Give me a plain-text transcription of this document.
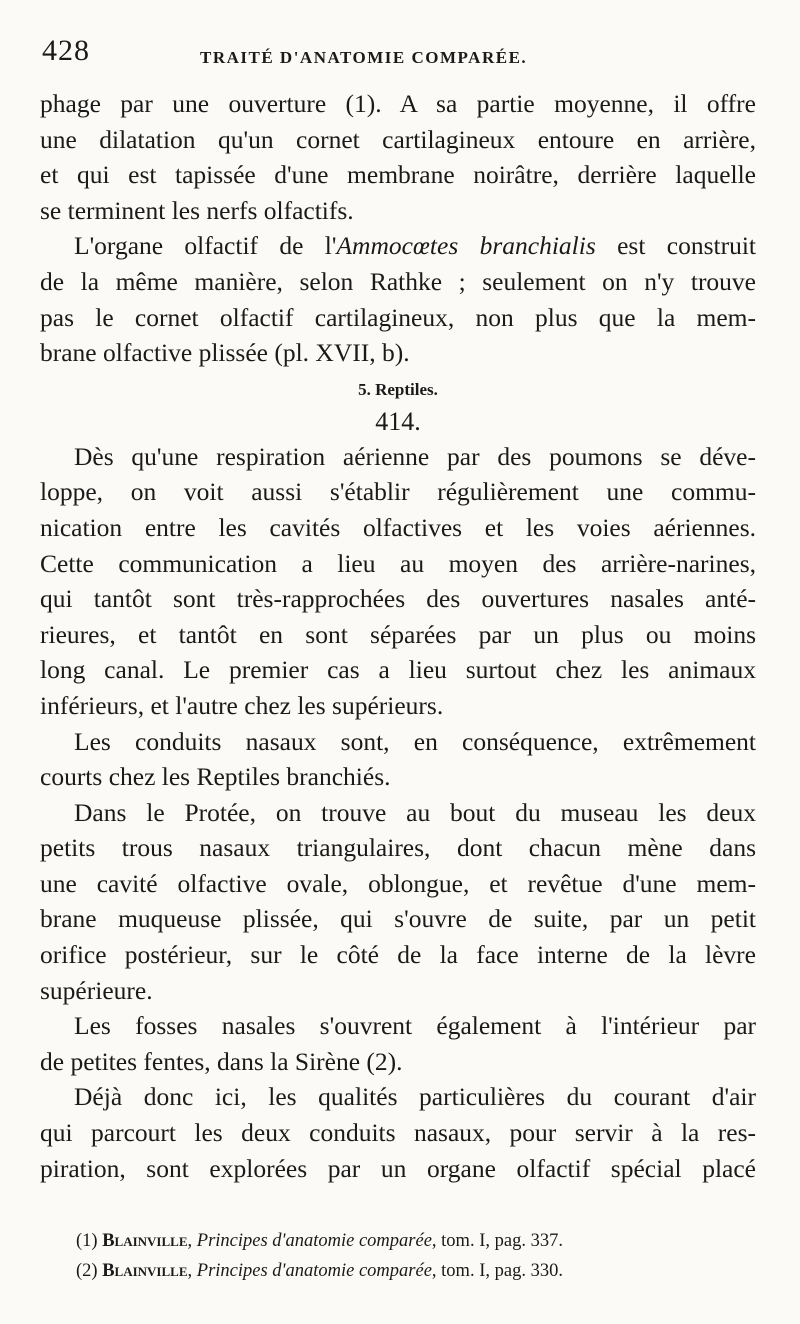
428	TRAITÉ D'ANATOMIE COMPARÉE.
phage par une ouverture (1). A sa partie moyenne, il offre
une dilatation qu'un cornet cartilagineux entoure en arrière,
et qui est tapissée d'une membrane noirâtre, derrière laquelle
se terminent les nerfs olfactifs.
L'organe olfactif de l'Ammocœtes branchialis est construit
de la même manière, selon Rathke ; seulement on n'y trouve
pas le cornet olfactif cartilagineux, non plus que la mem-
brane olfactive plissée (pl. XVII, b).
5. Reptiles.
414.
Dès qu'une respiration aérienne par des poumons se déve-
loppe, on voit aussi s'établir régulièrement une commu-
nication entre les cavités olfactives et les voies aériennes.
Cette communication a lieu au moyen des arrière-narines,
qui tantôt sont très-rapprochées des ouvertures nasales anté-
rieures, et tantôt en sont séparées par un plus ou moins
long canal. Le premier cas a lieu surtout chez les animaux
inférieurs, et l'autre chez les supérieurs.
Les conduits nasaux sont, en conséquence, extrêmement
courts chez les Reptiles branchiés.
Dans le Protée, on trouve au bout du museau les deux
petits trous nasaux triangulaires, dont chacun mène dans
une cavité olfactive ovale, oblongue, et revêtue d'une mem-
brane muqueuse plissée, qui s'ouvre de suite, par un petit
orifice postérieur, sur le côté de la face interne de la lèvre
supérieure.
Les fosses nasales s'ouvrent également à l'intérieur par
de petites fentes, dans la Sirène (2).
Déjà donc ici, les qualités particulières du courant d'air
qui parcourt les deux conduits nasaux, pour servir à la res-
piration, sont explorées par un organe olfactif spécial placé
(1) Blainville, Principes d'anatomie comparée, tom. I, pag. 337.
(2) Blainville, Principes d'anatomie comparée, tom. I, pag. 330.
